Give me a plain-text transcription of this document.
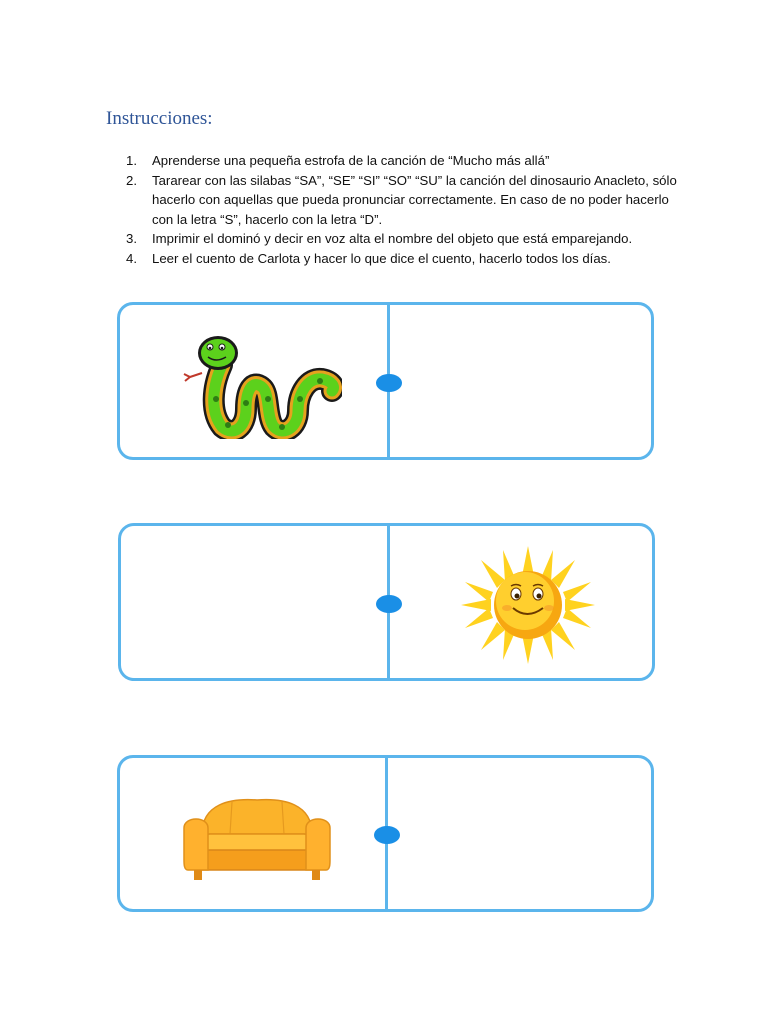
Instrucciones:
1.	Aprenderse una pequeña estrofa de la canción de “Mucho más allá”
2.	Tararear con las silabas “SA”, “SE” “SI” “SO” “SU” la canción del dinosaurio Anacleto, sólo hacerlo con aquellas que pueda pronunciar correctamente. En caso de no poder hacerlo con la letra “S”, hacerlo con la letra “D”.
3.	Imprimir el dominó y decir en voz alta el nombre del objeto que está emparejando.
4.	Leer el cuento de Carlota y hacer lo que dice el cuento, hacerlo todos los días.
